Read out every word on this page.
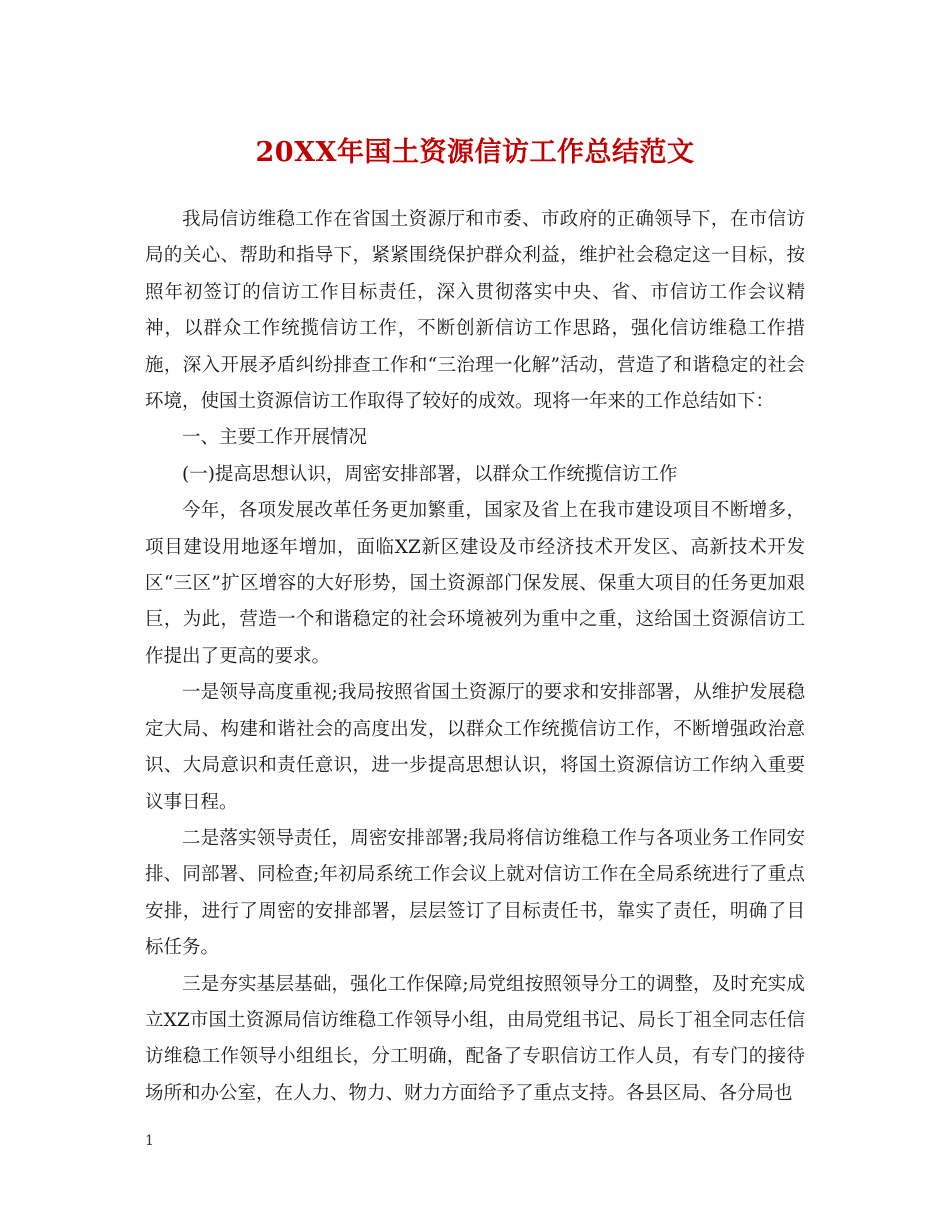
20XX年国土资源信访工作总结范文

我局信访维稳工作在省国土资源厅和市委、市政府的正确领导下，在市信访局的关心、帮助和指导下，紧紧围绕保护群众利益，维护社会稳定这一目标，按照年初签订的信访工作目标责任，深入贯彻落实中央、省、市信访工作会议精神，以群众工作统揽信访工作，不断创新信访工作思路，强化信访维稳工作措施，深入开展矛盾纠纷排查工作和“三治理一化解”活动，营造了和谐稳定的社会环境，使国土资源信访工作取得了较好的成效。现将一年来的工作总结如下：

一、主要工作开展情况

(一)提高思想认识，周密安排部署，以群众工作统揽信访工作

今年，各项发展改革任务更加繁重，国家及省上在我市建设项目不断增多，项目建设用地逐年增加，面临XZ新区建设及市经济技术开发区、高新技术开发区“三区”扩区增容的大好形势，国土资源部门保发展、保重大项目的任务更加艰巨，为此，营造一个和谐稳定的社会环境被列为重中之重，这给国土资源信访工作提出了更高的要求。

一是领导高度重视;我局按照省国土资源厅的要求和安排部署，从维护发展稳定大局、构建和谐社会的高度出发，以群众工作统揽信访工作，不断增强政治意识、大局意识和责任意识，进一步提高思想认识，将国土资源信访工作纳入重要议事日程。

二是落实领导责任，周密安排部署;我局将信访维稳工作与各项业务工作同安排、同部署、同检查;年初局系统工作会议上就对信访工作在全局系统进行了重点安排，进行了周密的安排部署，层层签订了目标责任书，靠实了责任，明确了目标任务。

三是夯实基层基础，强化工作保障;局党组按照领导分工的调整，及时充实成立XZ市国土资源局信访维稳工作领导小组，由局党组书记、局长丁祖全同志任信访维稳工作领导小组组长，分工明确，配备了专职信访工作人员，有专门的接待场所和办公室，在人力、物力、财力方面给予了重点支持。各县区局、各分局也

1
